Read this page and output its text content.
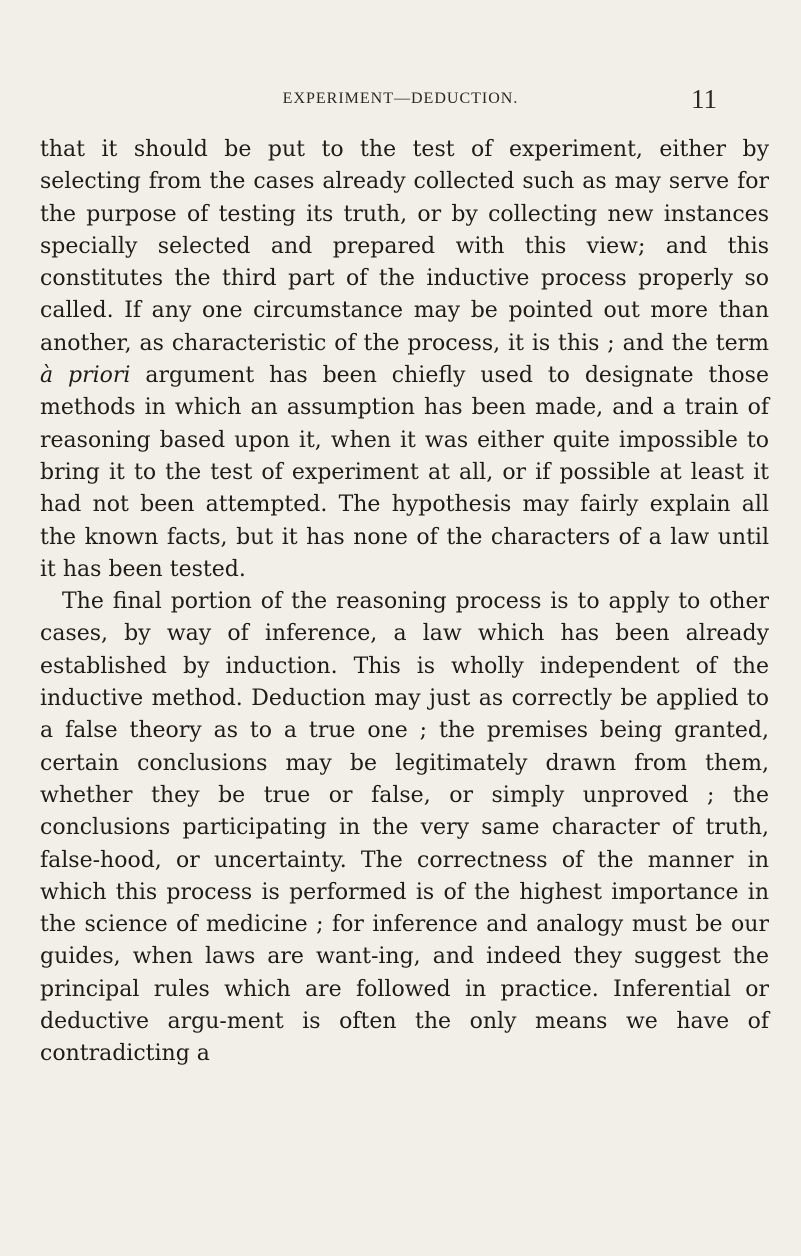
EXPERIMENT—DEDUCTION.	11

that it should be put to the test of experiment, either by selecting from the cases already collected such as may serve for the purpose of testing its truth, or by collecting new instances specially selected and prepared with this view; and this constitutes the third part of the inductive process properly so called. If any one circumstance may be pointed out more than another, as characteristic of the process, it is this ; and the term à priori argument has been chiefly used to designate those methods in which an assumption has been made, and a train of reasoning based upon it, when it was either quite impossible to bring it to the test of experiment at all, or if possible at least it had not been attempted. The hypothesis may fairly explain all the known facts, but it has none of the characters of a law until it has been tested.

The final portion of the reasoning process is to apply to other cases, by way of inference, a law which has been already established by induction. This is wholly independent of the inductive method. Deduction may just as correctly be applied to a false theory as to a true one ; the premises being granted, certain conclusions may be legitimately drawn from them, whether they be true or false, or simply unproved ; the conclusions participating in the very same character of truth, false-hood, or uncertainty. The correctness of the manner in which this process is performed is of the highest importance in the science of medicine ; for inference and analogy must be our guides, when laws are want-ing, and indeed they suggest the principal rules which are followed in practice. Inferential or deductive argu-ment is often the only means we have of contradicting a
